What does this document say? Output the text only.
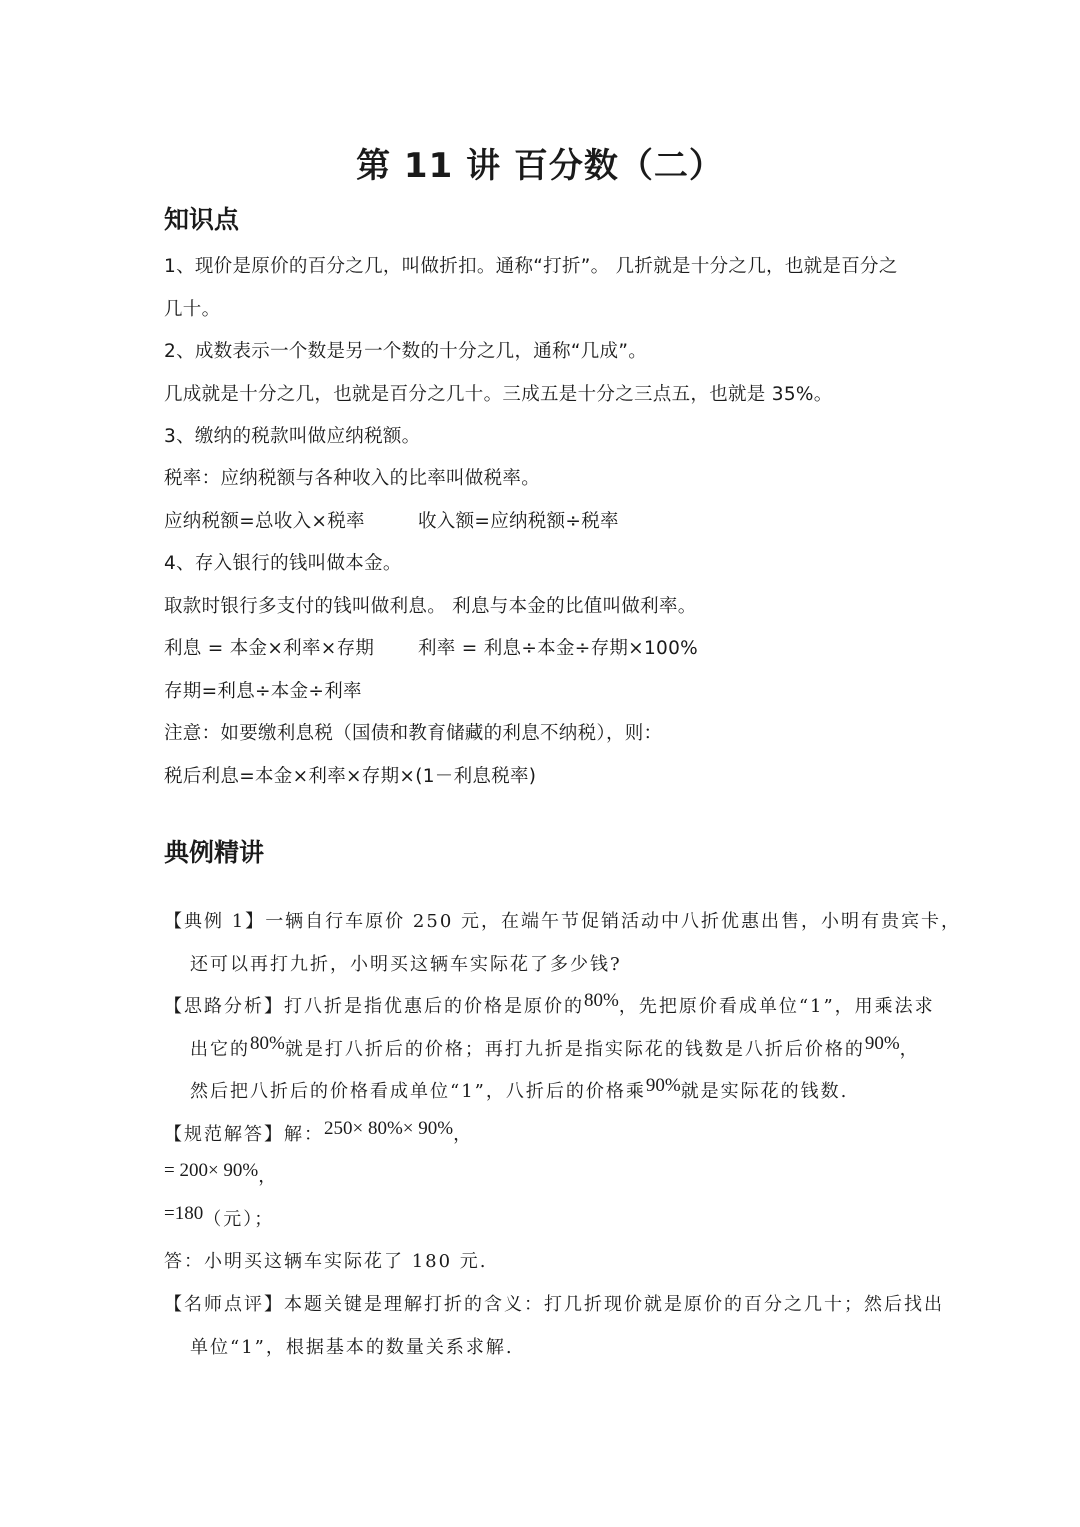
第 11 讲 百分数（二）
知识点
1、现价是原价的百分之几，叫做折扣。通称“打折”。 几折就是十分之几，也就是百分之
几十。
2、成数表示一个数是另一个数的十分之几，通称“几成”。
几成就是十分之几，也就是百分之几十。三成五是十分之三点五，也就是 35%。
3、缴纳的税款叫做应纳税额。
税率：应纳税额与各种收入的比率叫做税率。
应纳税额=总收入×税率	收入额=应纳税额÷税率
4、存入银行的钱叫做本金。
取款时银行多支付的钱叫做利息。 利息与本金的比值叫做利率。
利息 = 本金×利率×存期 利率 = 利息÷本金÷存期×100%
存期=利息÷本金÷利率
注意：如要缴利息税（国债和教育储藏的利息不纳税），则：
税后利息=本金×利率×存期×(1－利息税率)
典例精讲
【典例 1】一辆自行车原价 250 元，在端午节促销活动中八折优惠出售，小明有贵宾卡，
还可以再打九折，小明买这辆车实际花了多少钱?
【思路分析】打八折是指优惠后的价格是原价的80%，先把原价看成单位“1”，用乘法求
出它的80%就是打八折后的价格；再打九折是指实际花的钱数是八折后价格的90%，
然后把八折后的价格看成单位“1”，八折后的价格乘90%就是实际花的钱数.
【规范解答】解：250× 80%× 90%，
= 200× 90%，
=180（元）；
答：小明买这辆车实际花了 180 元.
【名师点评】本题关键是理解打折的含义：打几折现价就是原价的百分之几十；然后找出
单位“1”，根据基本的数量关系求解.
